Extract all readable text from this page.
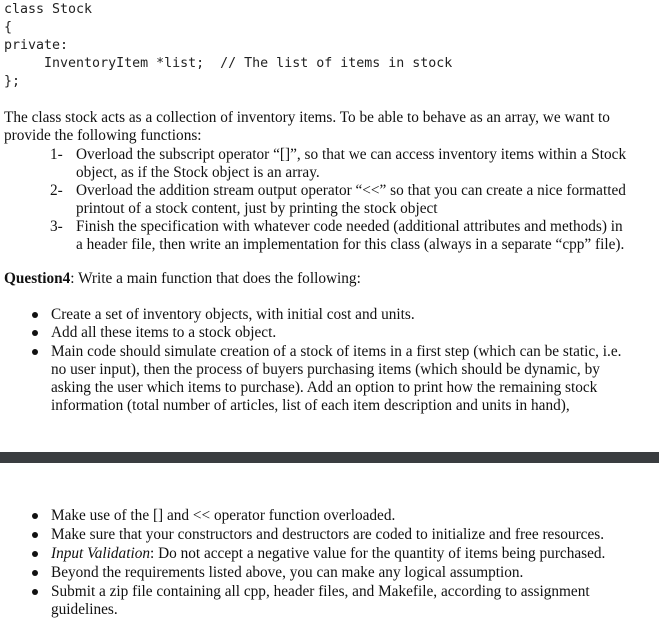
class Stock
{
private:
InventoryItem *list;  // The list of items in stock
};
The class stock acts as a collection of inventory items. To be able to behave as an array, we want to
provide the following functions:
1- Overload the subscript operator “[]”, so that we can access inventory items within a Stock
object, as if the Stock object is an array.
2- Overload the addition stream output operator “<<” so that you can create a nice formatted
printout of a stock content, just by printing the stock object
3- Finish the specification with whatever code needed (additional attributes and methods) in
a header file, then write an implementation for this class (always in a separate “cpp” file).
Question4: Write a main function that does the following:
Create a set of inventory objects, with initial cost and units.
Add all these items to a stock object.
Main code should simulate creation of a stock of items in a first step (which can be static, i.e.
no user input), then the process of buyers purchasing items (which should be dynamic, by
asking the user which items to purchase). Add an option to print how the remaining stock
information (total number of articles, list of each item description and units in hand),
Make use of the [] and << operator function overloaded.
Make sure that your constructors and destructors are coded to initialize and free resources.
Input Validation: Do not accept a negative value for the quantity of items being purchased.
Beyond the requirements listed above, you can make any logical assumption.
Submit a zip file containing all cpp, header files, and Makefile, according to assignment
guidelines.
